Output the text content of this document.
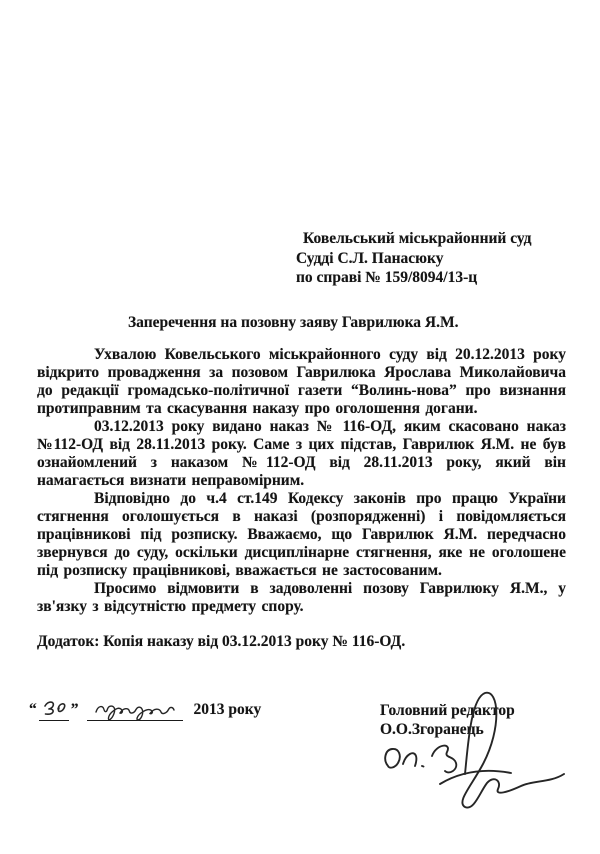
Ковельський міськрайонний суд
Судді С.Л. Панасюку
по справі № 159/8094/13-ц
Заперечення на позовну заяву Гаврилюка Я.М.

Ухвалою Ковельського міськрайонного суду від 20.12.2013 року відкрито провадження за позовом Гаврилюка Ярослава Миколайовича до редакції громадсько-політичної газети “Волинь-нова” про визнання протиправним та скасування наказу про оголошення догани.

03.12.2013 року видано наказ № 116-ОД, яким скасовано наказ №112-ОД від 28.11.2013 року. Саме з цих підстав, Гаврилюк Я.М. не був ознайомлений з наказом №112-ОД від 28.11.2013 року, який він намагається визнати неправомірним.

Відповідно до ч.4 ст.149 Кодексу законів про працю України стягнення оголошується в наказі (розпорядженні) і повідомляється працівникові під розписку. Вважаємо, що Гаврилюк Я.М. передчасно звернувся до суду, оскільки дисциплінарне стягнення, яке не оголошене під розписку працівникові, вважається не застосованим.

Просимо відмовити в задоволенні позову Гаврилюку Я.М., у зв'язку з відсутністю предмету спору.

Додаток: Копія наказу від 03.12.2013 року № 116-ОД.
“ ”	2013 року	Головний редактор
О.О.Згоранець
